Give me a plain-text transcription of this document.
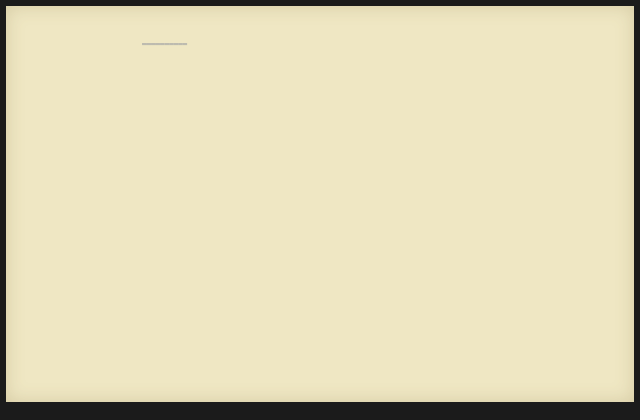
▬▬▬▬▬▬▬▬▬▬
